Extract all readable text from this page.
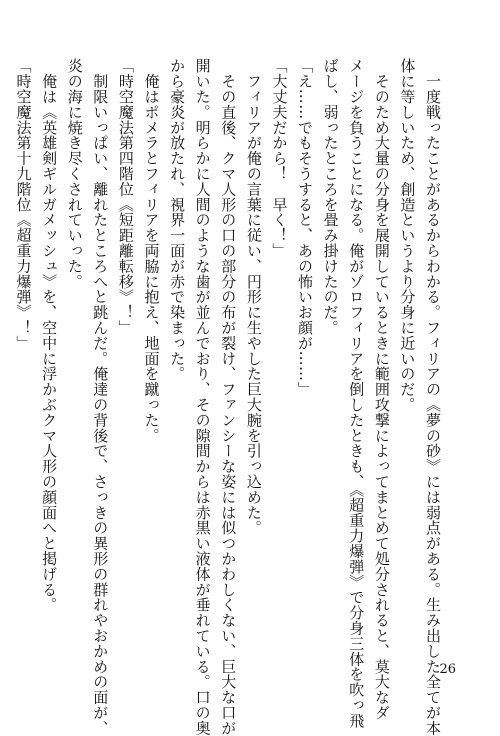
　一度戦ったことがあるからわかる。フィリアの《夢の砂》には弱点がある。生み出した全てが本
体に等しいため、創造というより分身に近いのだ。
　そのため大量の分身を展開しているときに範囲攻撃によってまとめて処分されると、莫大なダ
メージを負うことになる。俺がゾロフィリアを倒したときも、《超重力爆弾》で分身三体を吹っ飛
ばし、弱ったところを畳み掛けたのだ。
「え……でもそうすると、あの怖いお顔が……」
「大丈夫だから！　早く！」
　フィリアが俺の言葉に従い、円形に生やした巨大腕を引っ込めた。
　その直後、クマ人形の口の部分の布が裂け、ファンシーな姿には似つかわしくない、巨大な口が
開いた。明らかに人間のような歯が並んでおり、その隙間からは赤黒い液体が垂れている。口の奥
から豪炎が放たれ、視界一面が赤で染まった。
　俺はポメラとフィリアを両脇に抱え、地面を蹴った。
「時空魔法第四階位《短距離転移》！」
　制限いっぱい、離れたところへと跳んだ。俺達の背後で、さっきの異形の群れやおかめの面が、
炎の海に焼き尽くされていった。
　俺は《英雄剣ギルガメッシュ》を、空中に浮かぶクマ人形の顔面へと掲げる。
「時空魔法第十九階位《超重力爆弾》！」
26
